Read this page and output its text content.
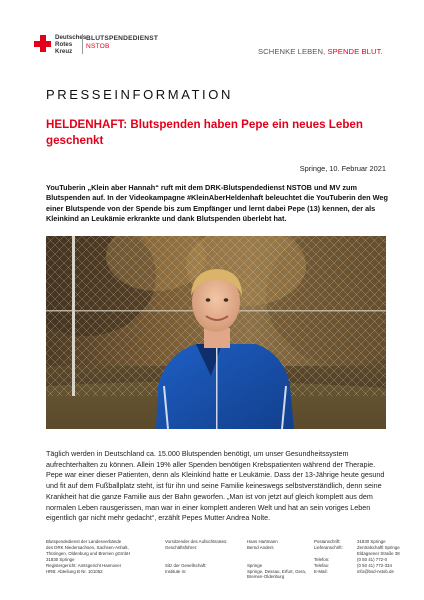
Deutsches
Rotes
Kreuz
BLUTSPENDEDIENST
NSTOB
SCHENKE LEBEN, SPENDE BLUT.
PRESSEINFORMATION
HELDENHAFT: Blutspenden haben Pepe ein neues Leben geschenkt
Springe, 10. Februar 2021
YouTuberin „Klein aber Hannah“ ruft mit dem DRK-Blutspendedienst NSTOB und MV zum Blutspenden auf. In der Videokampagne #KleinAberHeldenhaft beleuchtet die YouTuberin den Weg einer Blutspende von der Spende bis zum Empfänger und lernt dabei Pepe (13) kennen, der als Kleinkind an Leukämie erkrankte und dank Blutspenden überlebt hat.
Täglich werden in Deutschland ca. 15.000 Blutspenden benötigt, um unser Gesundheitssystem aufrechterhalten zu können. Allein 19% aller Spenden benötigen Krebspatienten während der Therapie. Pepe war einer dieser Patienten, denn als Kleinkind hatte er Leukämie. Dass der 13-Jährige heute gesund und fit auf dem Fußballplatz steht, ist für ihn und seine Familie keineswegs selbstverständlich, denn seine Krankheit hat die ganze Familie aus der Bahn geworfen. „Man ist von jetzt auf gleich komplett aus dem normalen Leben rausgerissen, man war in einer komplett anderen Welt und hat an sein voriges Leben eigentlich gar nicht mehr gedacht“, erzählt Pepes Mutter Andrea Nolte.
Blutspendedienst der Landesverbände
des DRK Niedersachsen, Sachsen-Anhalt,
Thüringen, Oldenburg und Bremen gGmbH
31830 Springe
Registergericht: Amtsgericht Hannover
HRB: Abteilung B Nr. 101052
Vorsitzender des Aufsichtsrates:
Geschäftsführer:

Sitz der Gesellschaft:
Institute in:
Hans Hartmann
Bernd Anders

Springe
Springe, Dessau, Erfurt, Gera,
Bremen-Oldenburg
Postanschrift:
Lieferanschrift:

Telefon:
Telefax:
E-Mail:
31830 Springe
Zentralschaftl Springe
Eldagsener Straße 38
(0 50 41) 772-0
(0 50 41) 772-334
info@bsd-nstob.de
